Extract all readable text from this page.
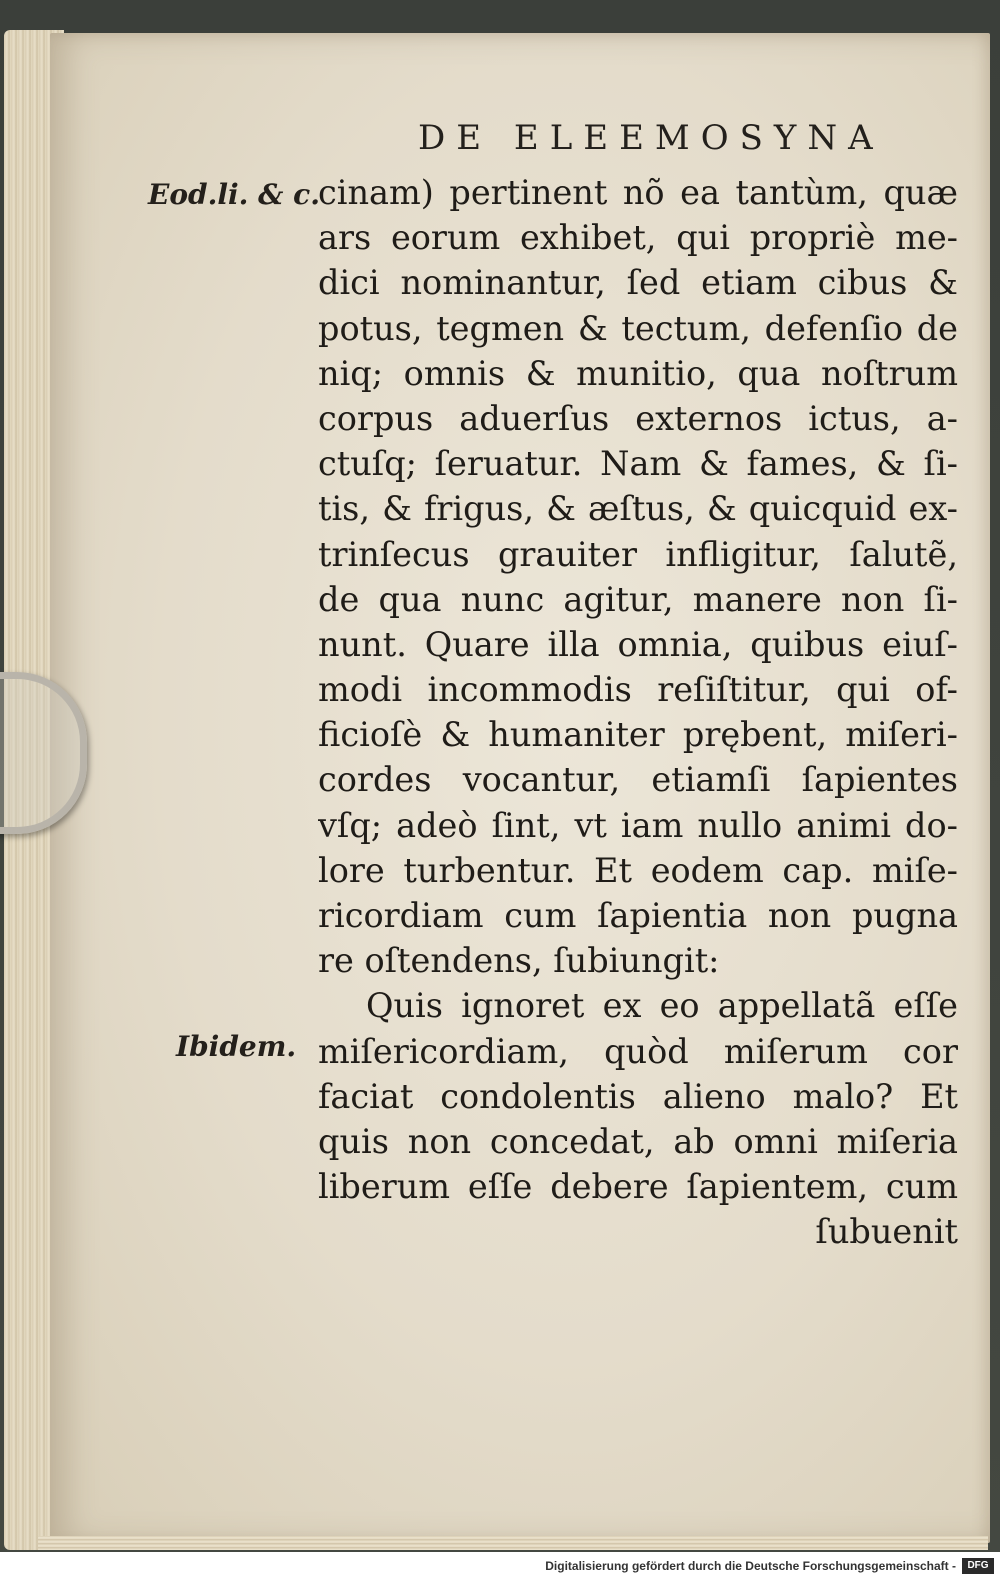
DE ELEEMOSYNA
Eod.li. & c.
Ibidem.
cinam) pertinent nõ ea tantùm, quæ
ars eorum exhibet, qui propriè me-
dici nominantur, ſed etiam cibus &
potus, tegmen & tectum, defenſio de
niq; omnis & munitio, qua noſtrum
corpus aduerſus externos ictus, a-
ctuſq; ſeruatur. Nam & fames, & ſi-
tis, & frigus, & æſtus, & quicquid ex-
trinſecus grauiter infligitur, ſalutẽ,
de qua nunc agitur, manere non ſi-
nunt. Quare illa omnia, quibus eiuſ-
modi incommodis reſiſtitur, qui of-
ficioſè & humaniter prębent, miſeri-
cordes vocantur, etiamſi ſapientes
vſq; adeò ſint, vt iam nullo animi do-
lore turbentur. Et eodem cap. miſe-
ricordiam cum ſapientia non pugna
re oſtendens, ſubiungit:
Quis ignoret ex eo appellatã eſſe
miſericordiam, quòd miſerum cor
faciat condolentis alieno malo? Et
quis non concedat, ab omni miſeria
liberum eſſe debere ſapientem, cum
ſubuenit
Digitalisierung gefördert durch die Deutsche Forschungsgemeinschaft -	DFG
